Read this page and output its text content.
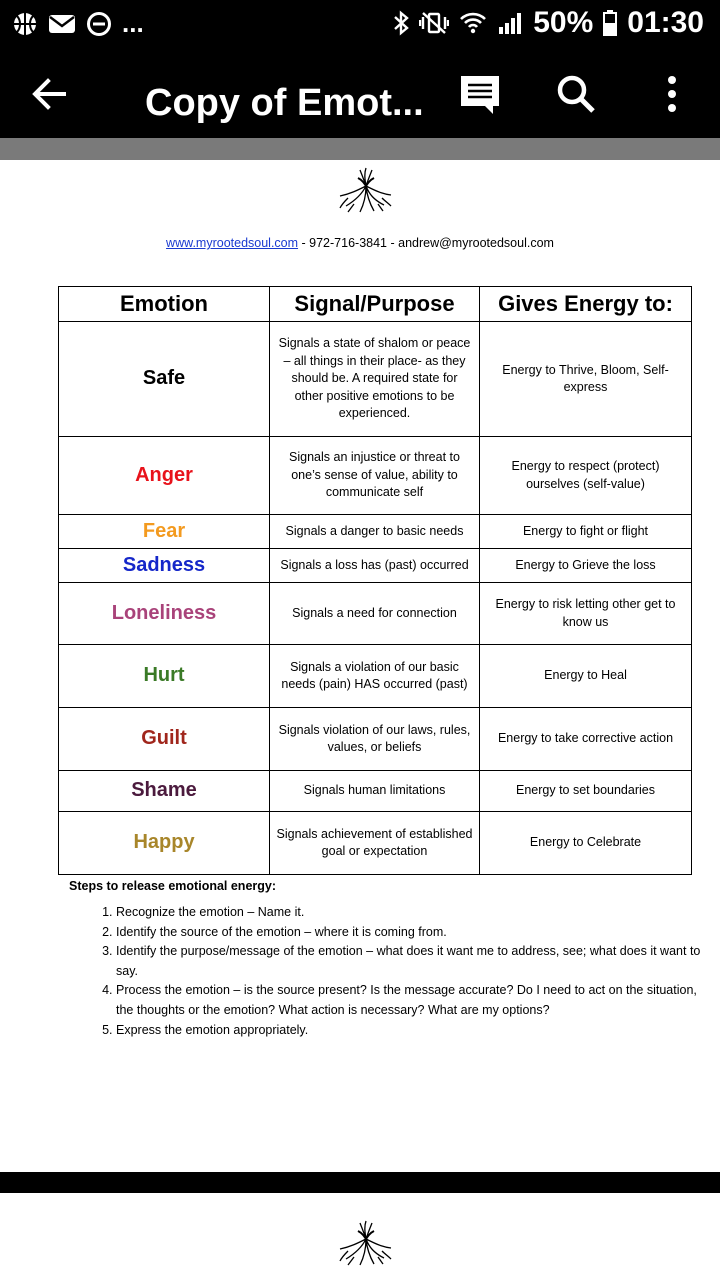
...	50% 01:30
Copy of Emot...
www.myrootedsoul.com - 972-716-3841 - andrew@myrootedsoul.com
Emotion	Signal/Purpose	Gives Energy to:
Safe	Signals a state of shalom or peace – all things in their place- as they should be. A required state for other positive emotions to be experienced.	Energy to Thrive, Bloom, Self-express
Anger	Signals an injustice or threat to one’s sense of value, ability to communicate self	Energy to respect (protect) ourselves (self-value)
Fear	Signals a danger to basic needs	Energy to fight or flight
Sadness	Signals a loss has (past) occurred	Energy to Grieve the loss
Loneliness	Signals a need for connection	Energy to risk letting other get to know us
Hurt	Signals a violation of our basic needs (pain) HAS occurred (past)	Energy to Heal
Guilt	Signals violation of our laws, rules, values, or beliefs	Energy to take corrective action
Shame	Signals human limitations	Energy to set boundaries
Happy	Signals achievement of established goal or expectation	Energy to Celebrate
Steps to release emotional energy:
1. Recognize the emotion – Name it.
2. Identify the source of the emotion – where it is coming from.
3. Identify the purpose/message of the emotion – what does it want me to address, see; what does it want to say.
4. Process the emotion – is the source present? Is the message accurate? Do I need to act on the situation, the thoughts or the emotion? What action is necessary? What are my options?
5. Express the emotion appropriately.
